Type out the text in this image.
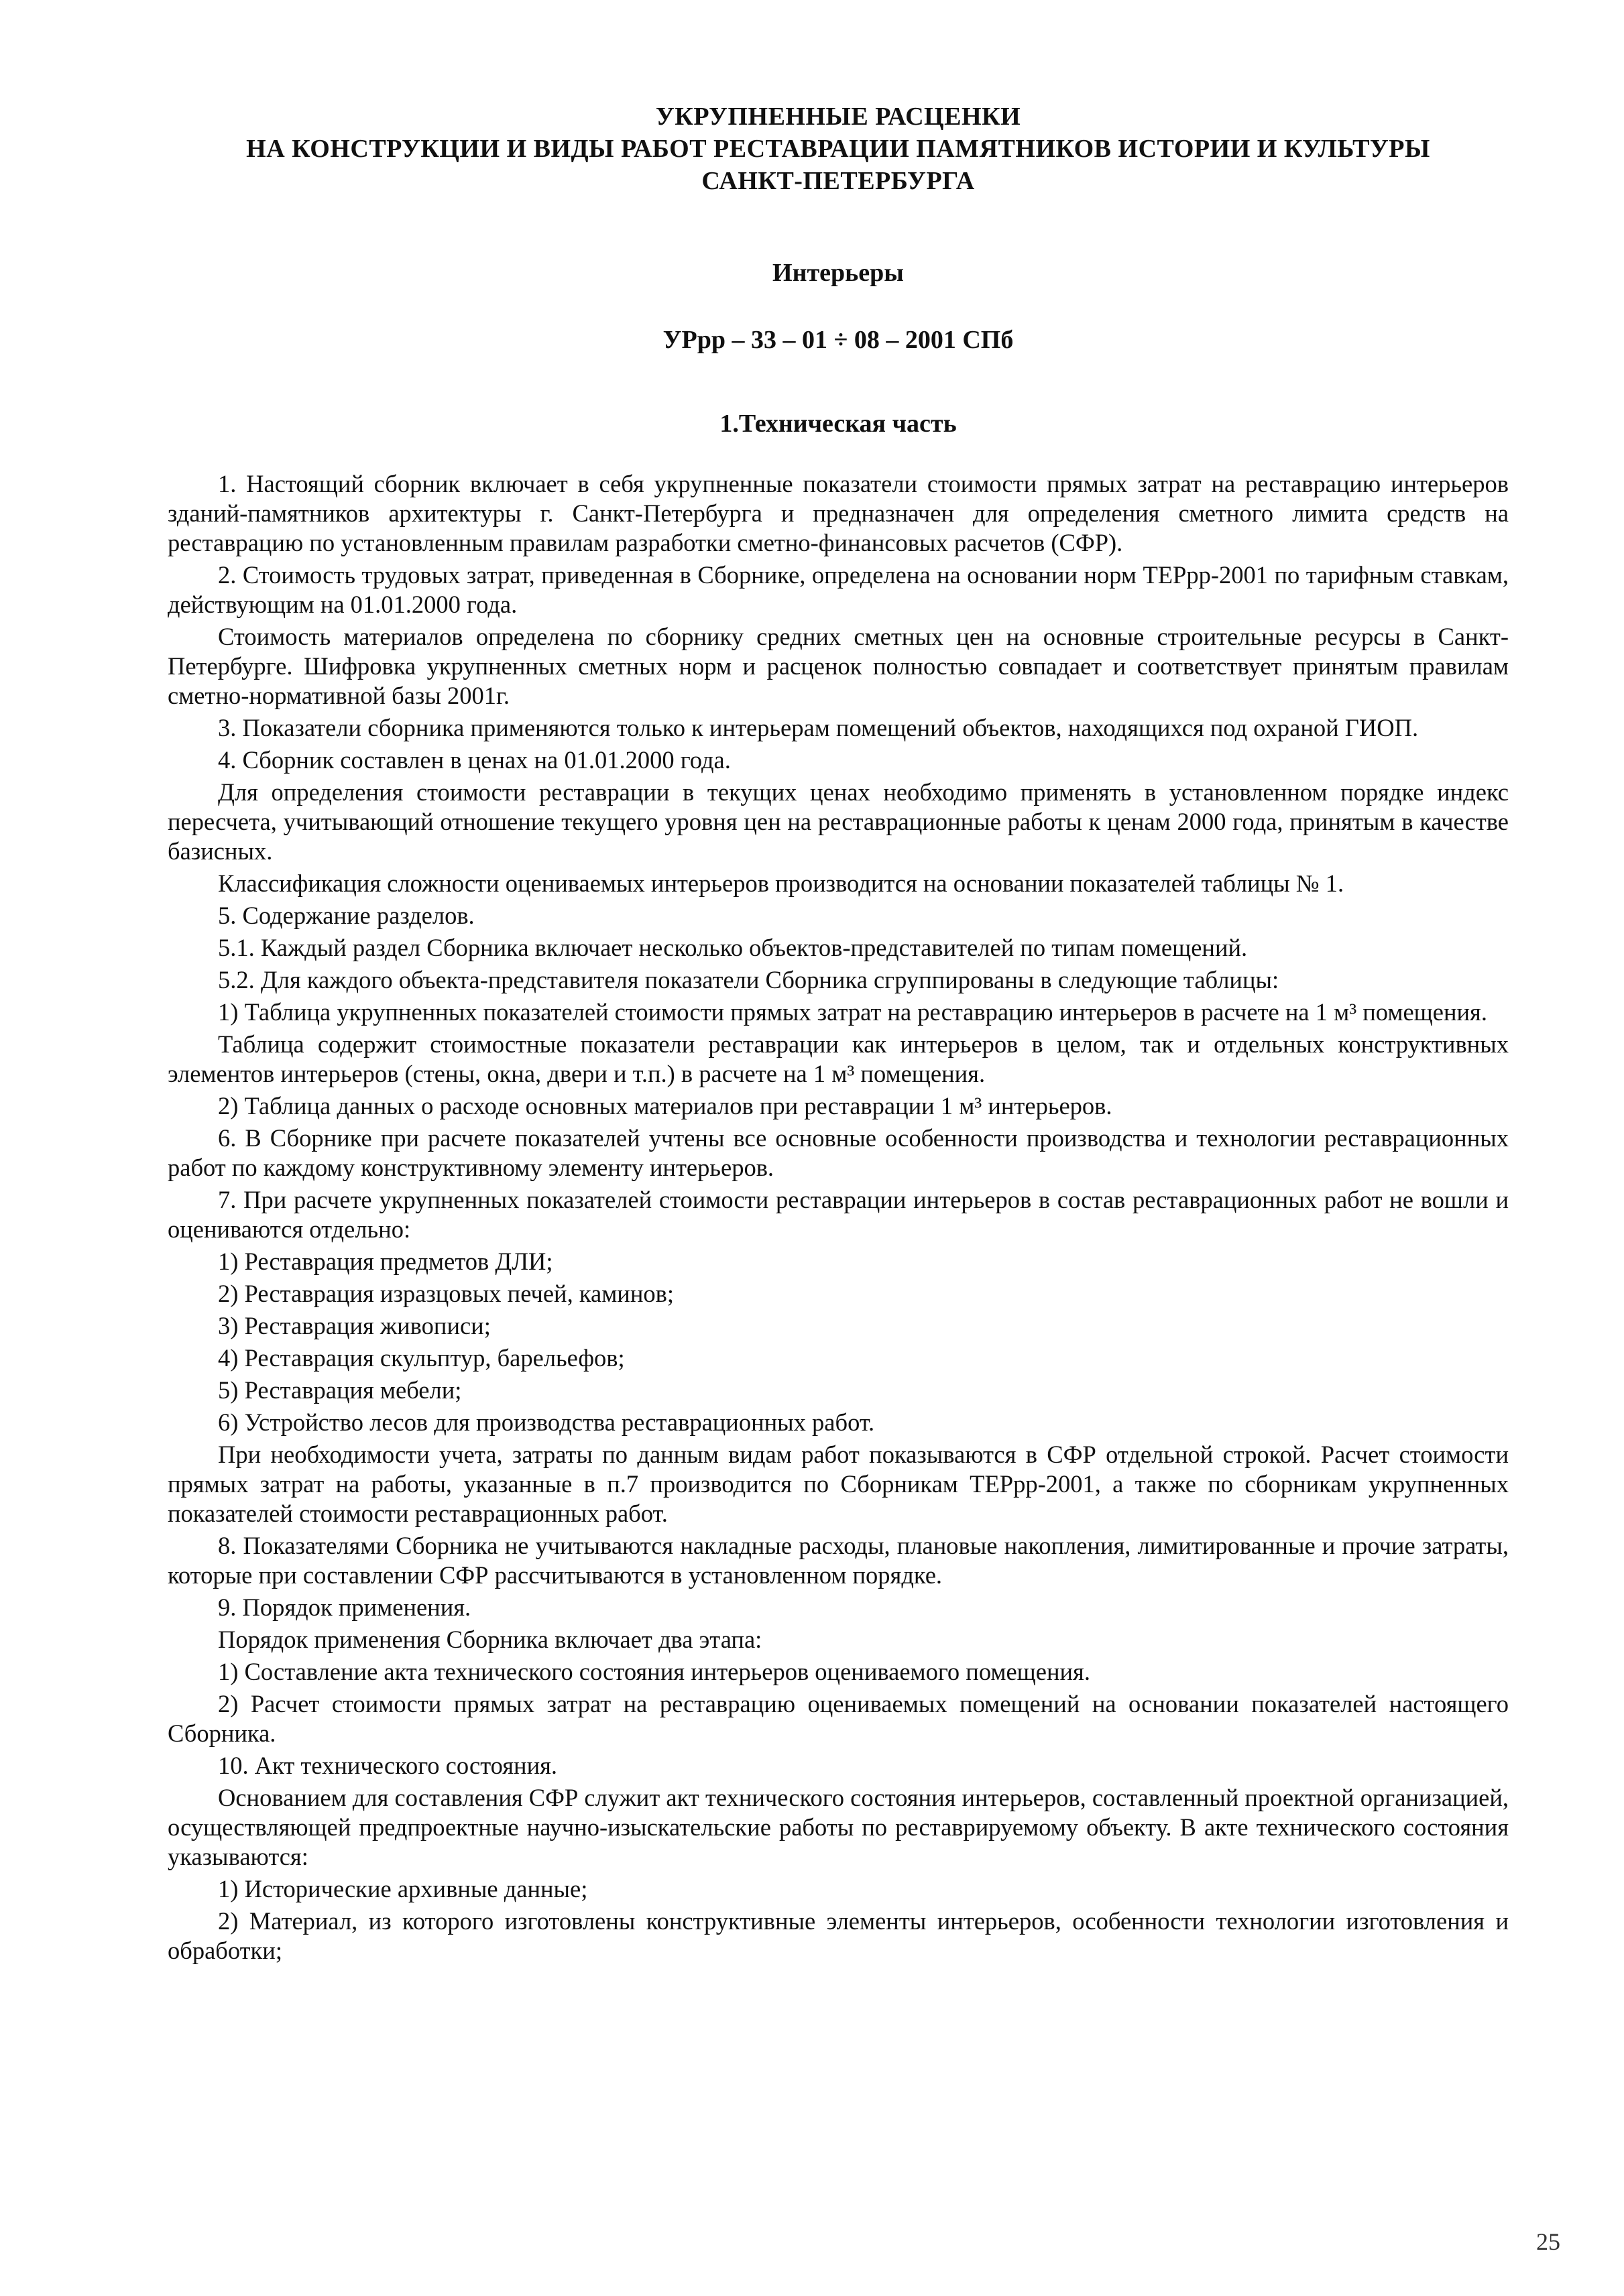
УКРУПНЕННЫЕ РАСЦЕНКИ

НА КОНСТРУКЦИИ И ВИДЫ РАБОТ РЕСТАВРАЦИИ ПАМЯТНИКОВ ИСТОРИИ И КУЛЬТУРЫ

САНКТ-ПЕТЕРБУРГА

Интерьеры

УРрр – 33 – 01 ÷ 08 – 2001 СПб

1.Техническая часть

1. Настоящий сборник включает в себя укрупненные показатели стоимости прямых затрат на реставрацию интерьеров зданий-памятников архитектуры г. Санкт-Петербурга и предназначен для определения сметного лимита средств на реставрацию по установленным правилам разработки сметно-финансовых расчетов (СФР).

2. Стоимость трудовых затрат, приведенная в Сборнике, определена на основании норм ТЕРрр-2001 по тарифным ставкам, действующим на 01.01.2000 года.

Стоимость материалов определена по сборнику средних сметных цен на основные строительные ресурсы в Санкт-Петербурге. Шифровка укрупненных сметных норм и расценок полностью совпадает и соответствует принятым правилам сметно-нормативной базы 2001г.

3. Показатели сборника применяются только к интерьерам помещений объектов, находящихся под охраной ГИОП.

4. Сборник составлен в ценах на 01.01.2000 года.

Для определения стоимости реставрации в текущих ценах необходимо применять в установленном порядке индекс пересчета, учитывающий отношение текущего уровня цен на реставрационные работы к ценам 2000 года, принятым в качестве базисных.

Классификация сложности оцениваемых интерьеров производится на основании показателей таблицы № 1.

5. Содержание разделов.

5.1. Каждый раздел Сборника включает несколько объектов-представителей по типам помещений.

5.2. Для каждого объекта-представителя показатели Сборника сгруппированы в следующие таблицы:

1) Таблица укрупненных показателей стоимости прямых затрат на реставрацию интерьеров в расчете на 1 м³ помещения.

Таблица содержит стоимостные показатели реставрации как интерьеров в целом, так и отдельных конструктивных элементов интерьеров (стены, окна, двери и т.п.) в расчете на 1 м³ помещения.

2) Таблица данных о расходе основных материалов при реставрации 1 м³ интерьеров.

6. В Сборнике при расчете показателей учтены все основные особенности производства и технологии реставрационных работ по каждому конструктивному элементу интерьеров.

7. При расчете укрупненных показателей стоимости реставрации интерьеров в состав реставрационных работ не вошли и оцениваются отдельно:

1) Реставрация предметов ДЛИ;

2) Реставрация изразцовых печей, каминов;

3) Реставрация живописи;

4) Реставрация скульптур, барельефов;

5) Реставрация мебели;

6) Устройство лесов для производства реставрационных работ.

При необходимости учета, затраты по данным видам работ показываются в СФР отдельной строкой. Расчет стоимости прямых затрат на работы, указанные в п.7 производится по Сборникам ТЕРрр-2001, а также по сборникам укрупненных показателей стоимости реставрационных работ.

8. Показателями Сборника не учитываются накладные расходы, плановые накопления, лимитированные и прочие затраты, которые при составлении СФР рассчитываются в установленном порядке.

9. Порядок применения.

Порядок применения Сборника включает два этапа:

1) Составление акта технического состояния интерьеров оцениваемого помещения.

2) Расчет стоимости прямых затрат на реставрацию оцениваемых помещений на основании показателей настоящего Сборника.

10. Акт технического состояния.

Основанием для составления СФР служит акт технического состояния интерьеров, составленный проектной организацией, осуществляющей предпроектные научно-изыскательские работы по реставрируемому объекту. В акте технического состояния указываются:

1) Исторические архивные данные;

2) Материал, из которого изготовлены конструктивные элементы интерьеров, особенности технологии изготовления и обработки;

25
